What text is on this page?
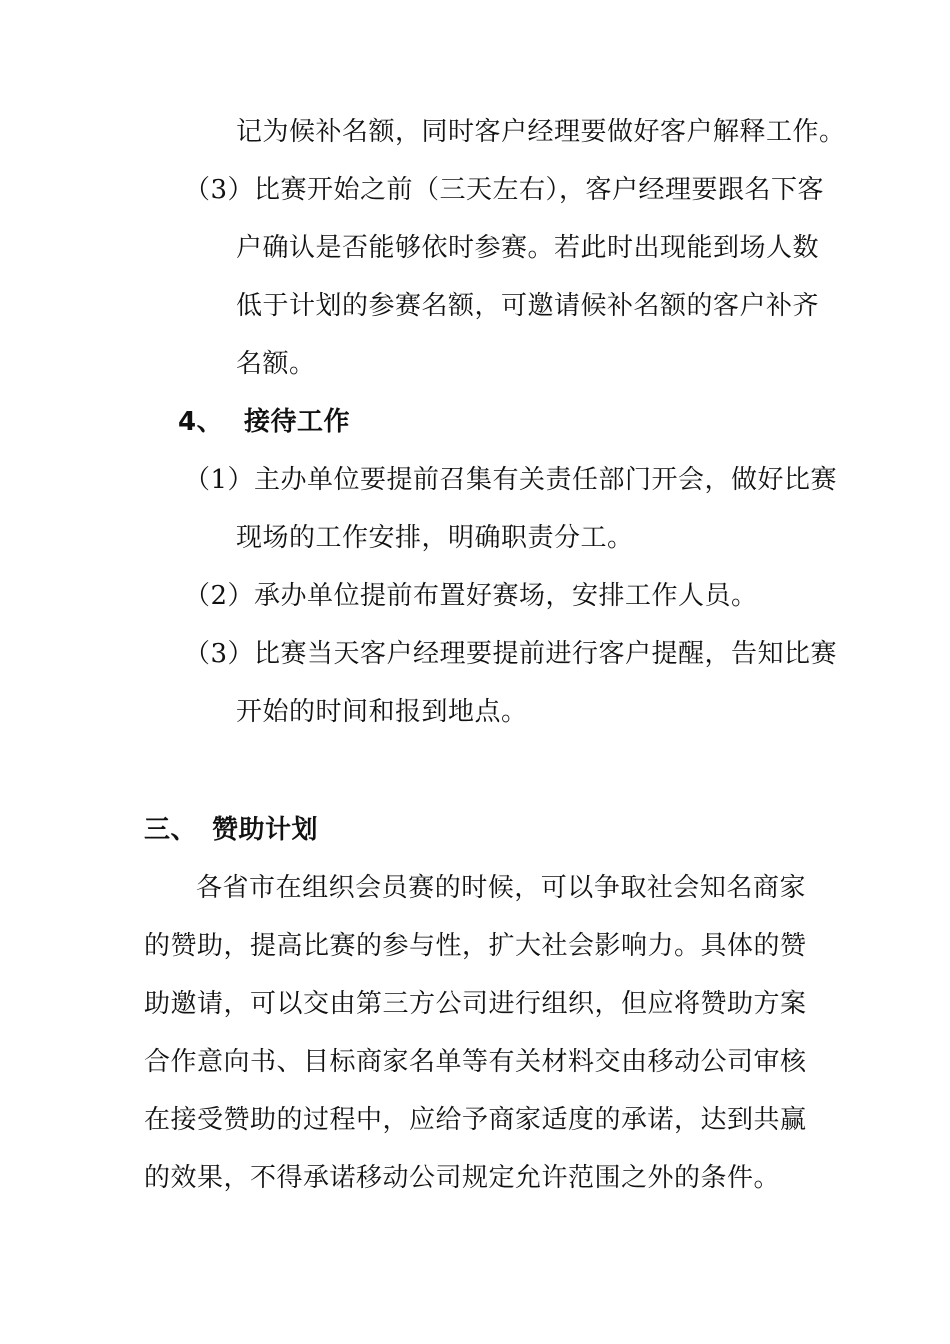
记为候补名额，同时客户经理要做好客户解释工作。
（3）比赛开始之前（三天左右），客户经理要跟名下客
户确认是否能够依时参赛。若此时出现能到场人数
低于计划的参赛名额，可邀请候补名额的客户补齐
名额。
4、 接待工作
（1）主办单位要提前召集有关责任部门开会，做好比赛
现场的工作安排，明确职责分工。
（2）承办单位提前布置好赛场，安排工作人员。
（3）比赛当天客户经理要提前进行客户提醒，告知比赛
开始的时间和报到地点。
三、 赞助计划
各省市在组织会员赛的时候，可以争取社会知名商家
的赞助，提高比赛的参与性，扩大社会影响力。具体的赞
助邀请，可以交由第三方公司进行组织，但应将赞助方案
合作意向书、目标商家名单等有关材料交由移动公司审核
在接受赞助的过程中，应给予商家适度的承诺，达到共赢
的效果，不得承诺移动公司规定允许范围之外的条件。
